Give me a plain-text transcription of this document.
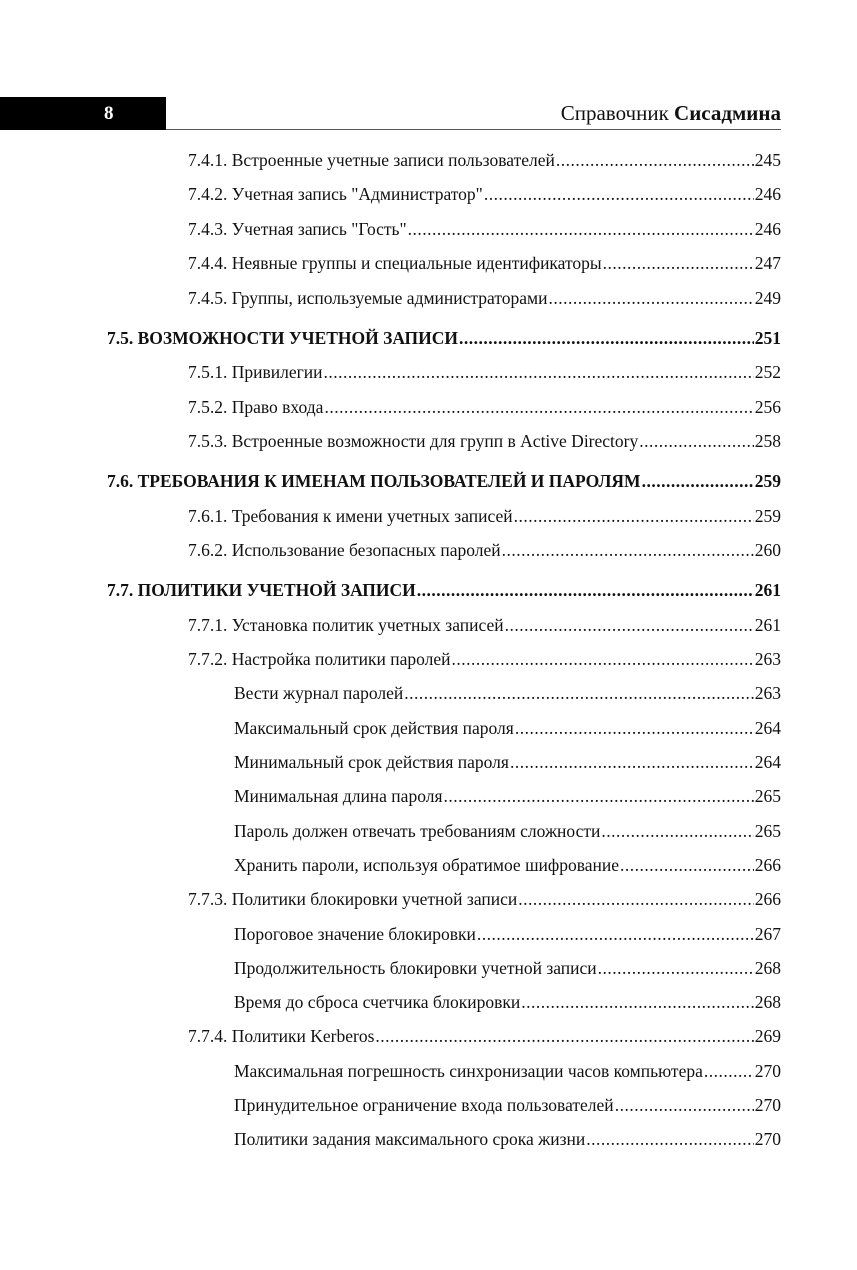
8	Справочник Сисадмина
7.4.1. Встроенные учетные записи пользователей .....	245
7.4.2. Учетная запись "Администратор" .....	246
7.4.3. Учетная запись "Гость" .....	246
7.4.4. Неявные группы и специальные идентификаторы .....	247
7.4.5. Группы, используемые администраторами .....	249
7.5. ВОЗМОЖНОСТИ УЧЕТНОЙ ЗАПИСИ .....	251
7.5.1. Привилегии .....	252
7.5.2. Право входа .....	256
7.5.3. Встроенные возможности для групп в Active Directory .....	258
7.6. ТРЕБОВАНИЯ К ИМЕНАМ ПОЛЬЗОВАТЕЛЕЙ И ПАРОЛЯМ .....	259
7.6.1. Требования к имени учетных записей .....	259
7.6.2. Использование безопасных паролей .....	260
7.7. ПОЛИТИКИ УЧЕТНОЙ ЗАПИСИ .....	261
7.7.1. Установка политик учетных записей .....	261
7.7.2. Настройка политики паролей .....	263
Вести журнал паролей .....	263
Максимальный срок действия пароля .....	264
Минимальный срок действия пароля .....	264
Минимальная длина пароля .....	265
Пароль должен отвечать требованиям сложности .....	265
Хранить пароли, используя обратимое шифрование .....	266
7.7.3. Политики блокировки учетной записи .....	266
Пороговое значение блокировки .....	267
Продолжительность блокировки учетной записи .....	268
Время до сброса счетчика блокировки .....	268
7.7.4. Политики Kerberos .....	269
Максимальная погрешность синхронизации часов компьютера .....	270
Принудительное ограничение входа пользователей .....	270
Политики задания максимального срока жизни .....	270
